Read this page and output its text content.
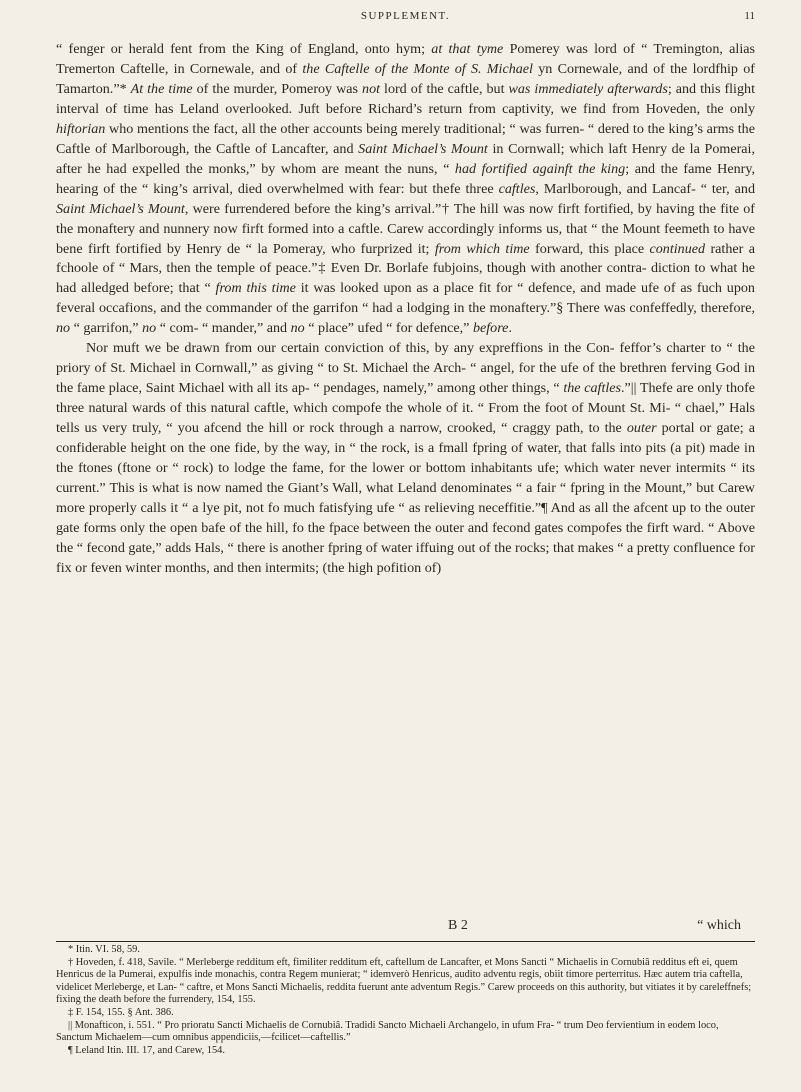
SUPPLEMENT.	11

“ fenger or herald fent from the King of England, onto hym; at that tyme Pomerey was lord of “ Tremington, alias Tremerton Caftelle, in Cornewale, and of the Caftelle of the Monte of S. Michael yn Cornewale, and of the lordfhip of Tamarton.”* At the time of the murder, Pomeroy was not lord of the caftle, but was immediately afterwards; and this flight interval of time has Leland overlooked. Juft before Richard’s return from captivity, we find from Hoveden, the only hiftorian who mentions the fact, all the other accounts being merely traditional; “ was furren- “ dered to the king’s arms the Caftle of Marlborough, the Caftle of Lancafter, and Saint Michael’s Mount in Cornwall; which laft Henry de la Pomerai, after he had expelled the monks,” by whom are meant the nuns, “ had fortified againft the king; and the fame Henry, hearing of the “ king’s arrival, died overwhelmed with fear: but thefe three caftles, Marlborough, and Lancaf- “ ter, and Saint Michael’s Mount, were furrendered before the king’s arrival.”† The hill was now firft fortified, by having the fite of the monaftery and nunnery now firft formed into a caftle. Carew accordingly informs us, that “ the Mount feemeth to have bene firft fortified by Henry de “ la Pomeray, who furprized it; from which time forward, this place continued rather a fchoole of “ Mars, then the temple of peace.”‡ Even Dr. Borlafe fubjoins, though with another contra- diction to what he had alledged before; that “ from this time it was looked upon as a place fit for “ defence, and made ufe of as fuch upon feveral occafions, and the commander of the garrifon “ had a lodging in the monaftery.”§ There was confeffedly, therefore, no “ garrifon,” no “ com- “ mander,” and no “ place” ufed “ for defence,” before.

Nor muft we be drawn from our certain conviction of this, by any expreffions in the Con- feffor’s charter to “ the priory of St. Michael in Cornwall,” as giving “ to St. Michael the Arch- “ angel, for the ufe of the brethren ferving God in the fame place, Saint Michael with all its ap- “ pendages, namely,” among other things, “ the caftles.”|| Thefe are only thofe three natural wards of this natural caftle, which compofe the whole of it. “ From the foot of Mount St. Mi- “ chael,” Hals tells us very truly, “ you afcend the hill or rock through a narrow, crooked, “ craggy path, to the outer portal or gate; a confiderable height on the one fide, by the way, in “ the rock, is a fmall fpring of water, that falls into pits (a pit) made in the ftones (ftone or “ rock) to lodge the fame, for the lower or bottom inhabitants ufe; which water never intermits “ its current.” This is what is now named the Giant’s Wall, what Leland denominates “ a fair “ fpring in the Mount,” but Carew more properly calls it “ a lye pit, not fo much fatisfying ufe “ as relieving neceffitie.”¶ And as all the afcent up to the outer gate forms only the open bafe of the hill, fo the fpace between the outer and fecond gates compofes the firft ward. “ Above the “ fecond gate,” adds Hals, “ there is another fpring of water iffuing out of the rocks; that makes “ a pretty confluence for fix or feven winter months, and then intermits; (the high pofition of)

B 2	“ which

* Itin. VI. 58, 59.

† Hoveden, f. 418, Savile. “ Merleberge redditum eft, fimiliter redditum eft, caftellum de Lancafter, et Mons Sancti “ Michaelis in Cornubiâ redditus eft ei, quem Henricus de la Pumerai, expulfis inde monachis, contra Regem munierat; “ idemverò Henricus, audito adventu regis, obiit timore perterritus. Hæc autem tria caftella, videlicet Merleberge, et Lan- “ caftre, et Mons Sancti Michaelis, reddita fuerunt ante adventum Regis.” Carew proceeds on this authority, but vitiates it by careleffnefs; fixing the death before the furrendery, 154, 155.

‡ F. 154, 155. § Ant. 386.

|| Monafticon, i. 551. “ Pro prioratu Sancti Michaelis de Cornubiâ. Tradidi Sancto Michaeli Archangelo, in ufum Fra- “ trum Deo fervientium in eodem loco, Sanctum Michaelem—cum omnibus appendiciis,—fcilicet—caftellis.”

¶ Leland Itin. III. 17, and Carew, 154.
